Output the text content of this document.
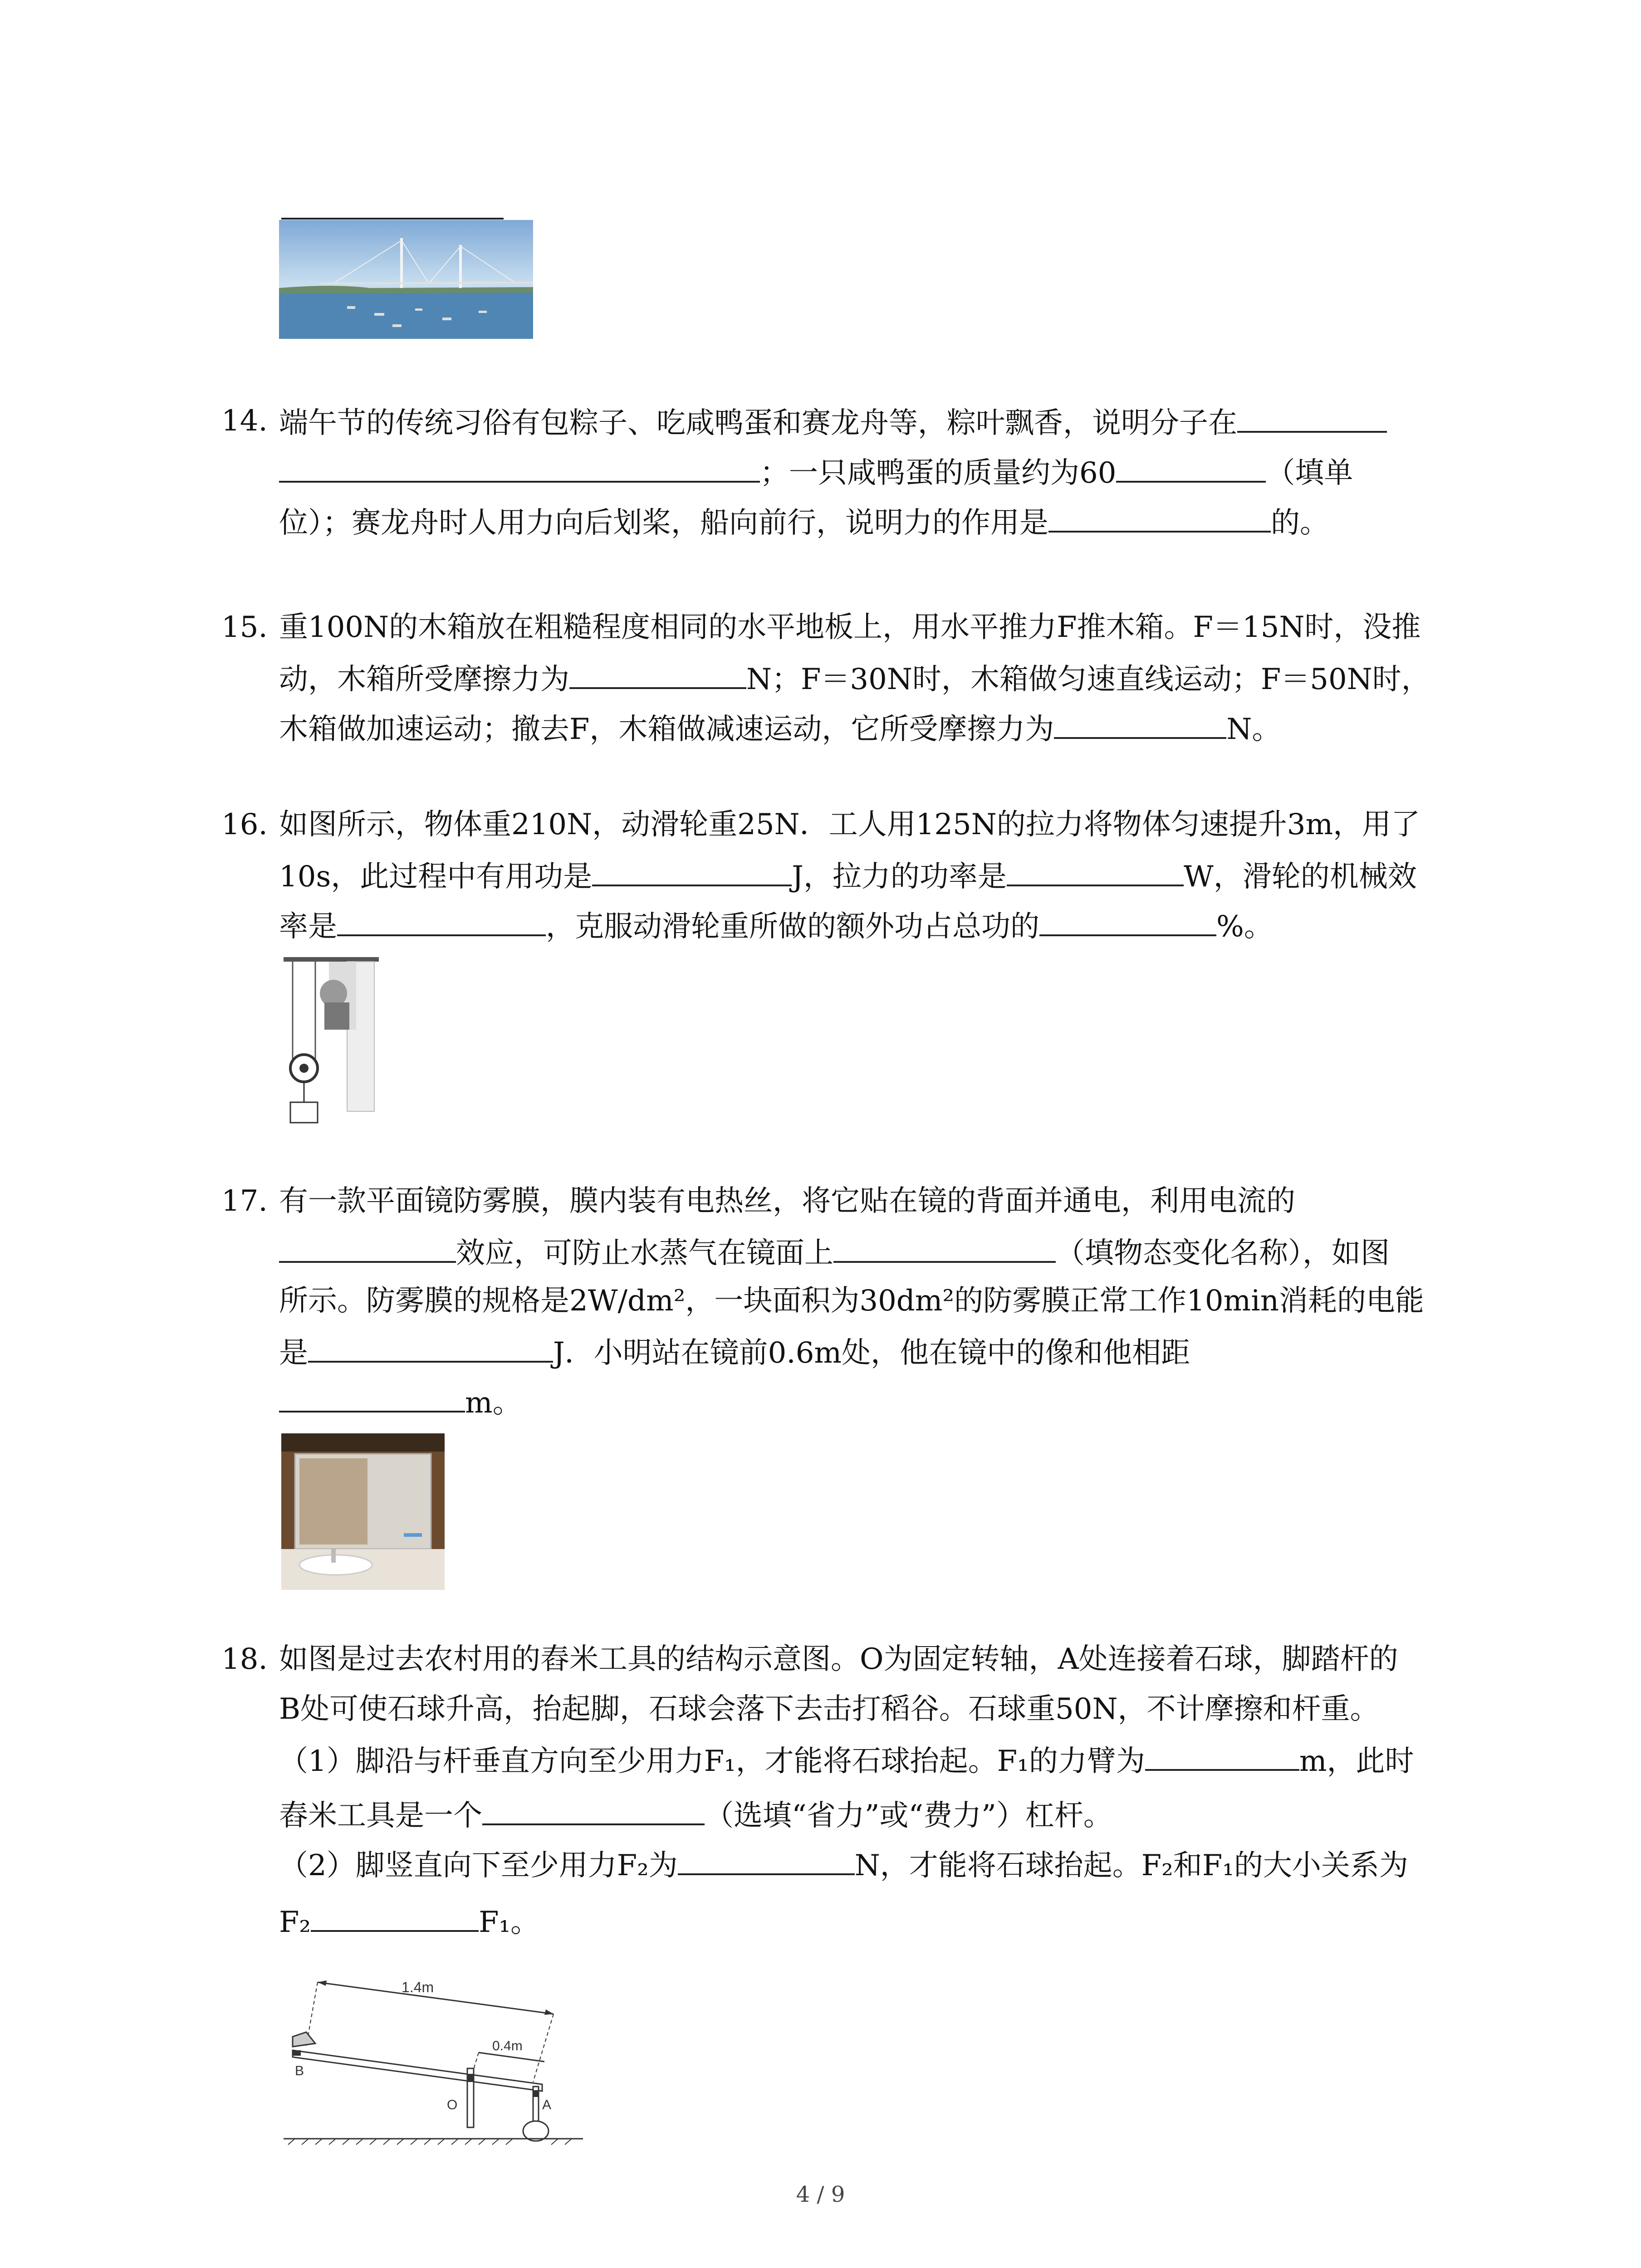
14. 端午节的传统习俗有包粽子、吃咸鸭蛋和赛龙舟等，粽叶飘香，说明分子在
；一只咸鸭蛋的质量约为60	（填单
位）；赛龙舟时人用力向后划桨，船向前行，说明力的作用是	的。
15. 重100N的木箱放在粗糙程度相同的水平地板上，用水平推力F推木箱。F＝15N时，没推
动，木箱所受摩擦力为	N；F＝30N时，木箱做匀速直线运动；F＝50N时，
木箱做加速运动；撤去F，木箱做减速运动，它所受摩擦力为	N。
16. 如图所示，物体重210N，动滑轮重25N．工人用125N的拉力将物体匀速提升3m，用了
10s，此过程中有用功是	J，拉力的功率是	W，滑轮的机械效
率是	，克服动滑轮重所做的额外功占总功的	%。
17. 有一款平面镜防雾膜，膜内装有电热丝，将它贴在镜的背面并通电，利用电流的
效应，可防止水蒸气在镜面上	（填物态变化名称），如图
所示。防雾膜的规格是2W/dm²，一块面积为30dm²的防雾膜正常工作10min消耗的电能
是	J．小明站在镜前0.6m处，他在镜中的像和他相距
m。
18. 如图是过去农村用的舂米工具的结构示意图。O为固定转轴，A处连接着石球，脚踏杆的
B处可使石球升高，抬起脚，石球会落下去击打稻谷。石球重50N，不计摩擦和杆重。
（1）脚沿与杆垂直方向至少用力F₁，才能将石球抬起。F₁的力臂为	m，此时
舂米工具是一个	（选填“省力”或“费力”）杠杆。
（2）脚竖直向下至少用力F₂为	N，才能将石球抬起。F₂和F₁的大小关系为
F₂	F₁。
1.4m
0.4m
B
O	A
4 / 9
